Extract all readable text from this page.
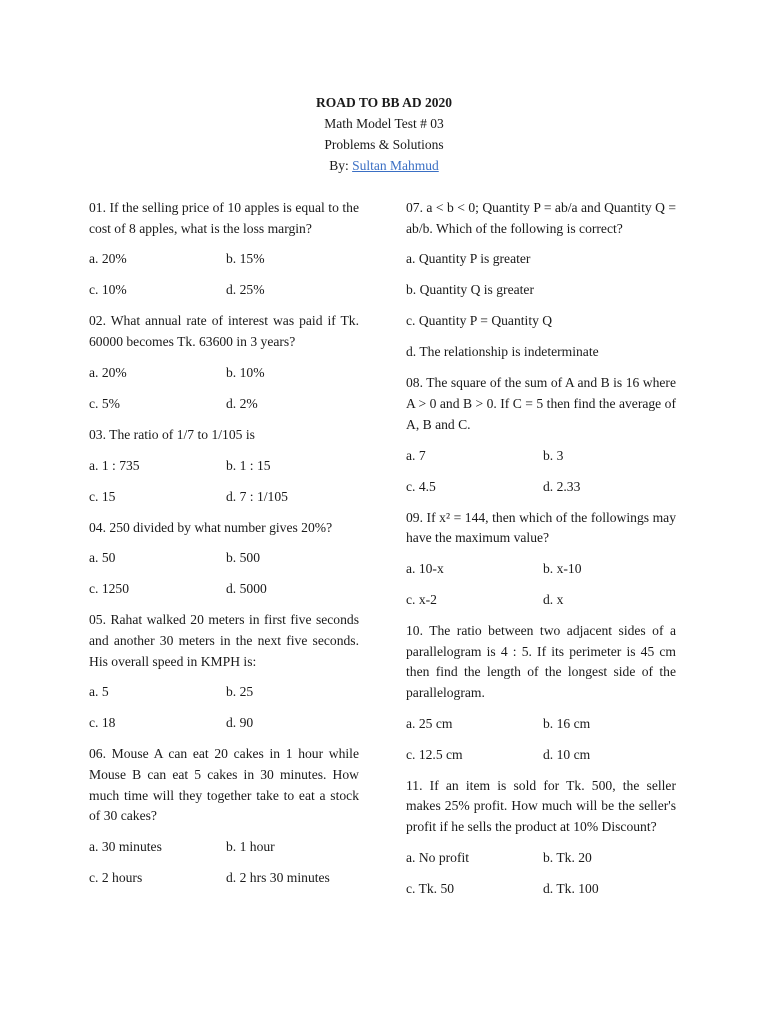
ROAD TO BB AD 2020
Math Model Test # 03
Problems & Solutions
By: Sultan Mahmud
01. If the selling price of 10 apples is equal to the cost of 8 apples, what is the loss margin?
a. 20%	b. 15%
c. 10%	d. 25%
02. What annual rate of interest was paid if Tk. 60000 becomes Tk. 63600 in 3 years?
a. 20%	b. 10%
c. 5%	d. 2%
03. The ratio of 1/7 to 1/105 is
a. 1 : 735	b. 1 : 15
c. 15	d. 7 : 1/105
04. 250 divided by what number gives 20%?
a. 50	b. 500
c. 1250	d. 5000
05. Rahat walked 20 meters in first five seconds and another 30 meters in the next five seconds. His overall speed in KMPH is:
a. 5	b. 25
c. 18	d. 90
06. Mouse A can eat 20 cakes in 1 hour while Mouse B can eat 5 cakes in 30 minutes. How much time will they together take to eat a stock of 30 cakes?
a. 30 minutes	b. 1 hour
c. 2 hours	d. 2 hrs 30 minutes
07. a < b < 0; Quantity P = ab/a and Quantity Q = ab/b. Which of the following is correct?
a. Quantity P is greater
b. Quantity Q is greater
c. Quantity P = Quantity Q
d. The relationship is indeterminate
08. The square of the sum of A and B is 16 where A > 0 and B > 0. If C = 5 then find the average of A, B and C.
a. 7	b. 3
c. 4.5	d. 2.33
09. If x² = 144, then which of the followings may have the maximum value?
a. 10-x	b. x-10
c. x-2	d. x
10. The ratio between two adjacent sides of a parallelogram is 4 : 5. If its perimeter is 45 cm then find the length of the longest side of the parallelogram.
a. 25 cm	b. 16 cm
c. 12.5 cm	d. 10 cm
11. If an item is sold for Tk. 500, the seller makes 25% profit. How much will be the seller's profit if he sells the product at 10% Discount?
a. No profit	b. Tk. 20
c. Tk. 50	d. Tk. 100
